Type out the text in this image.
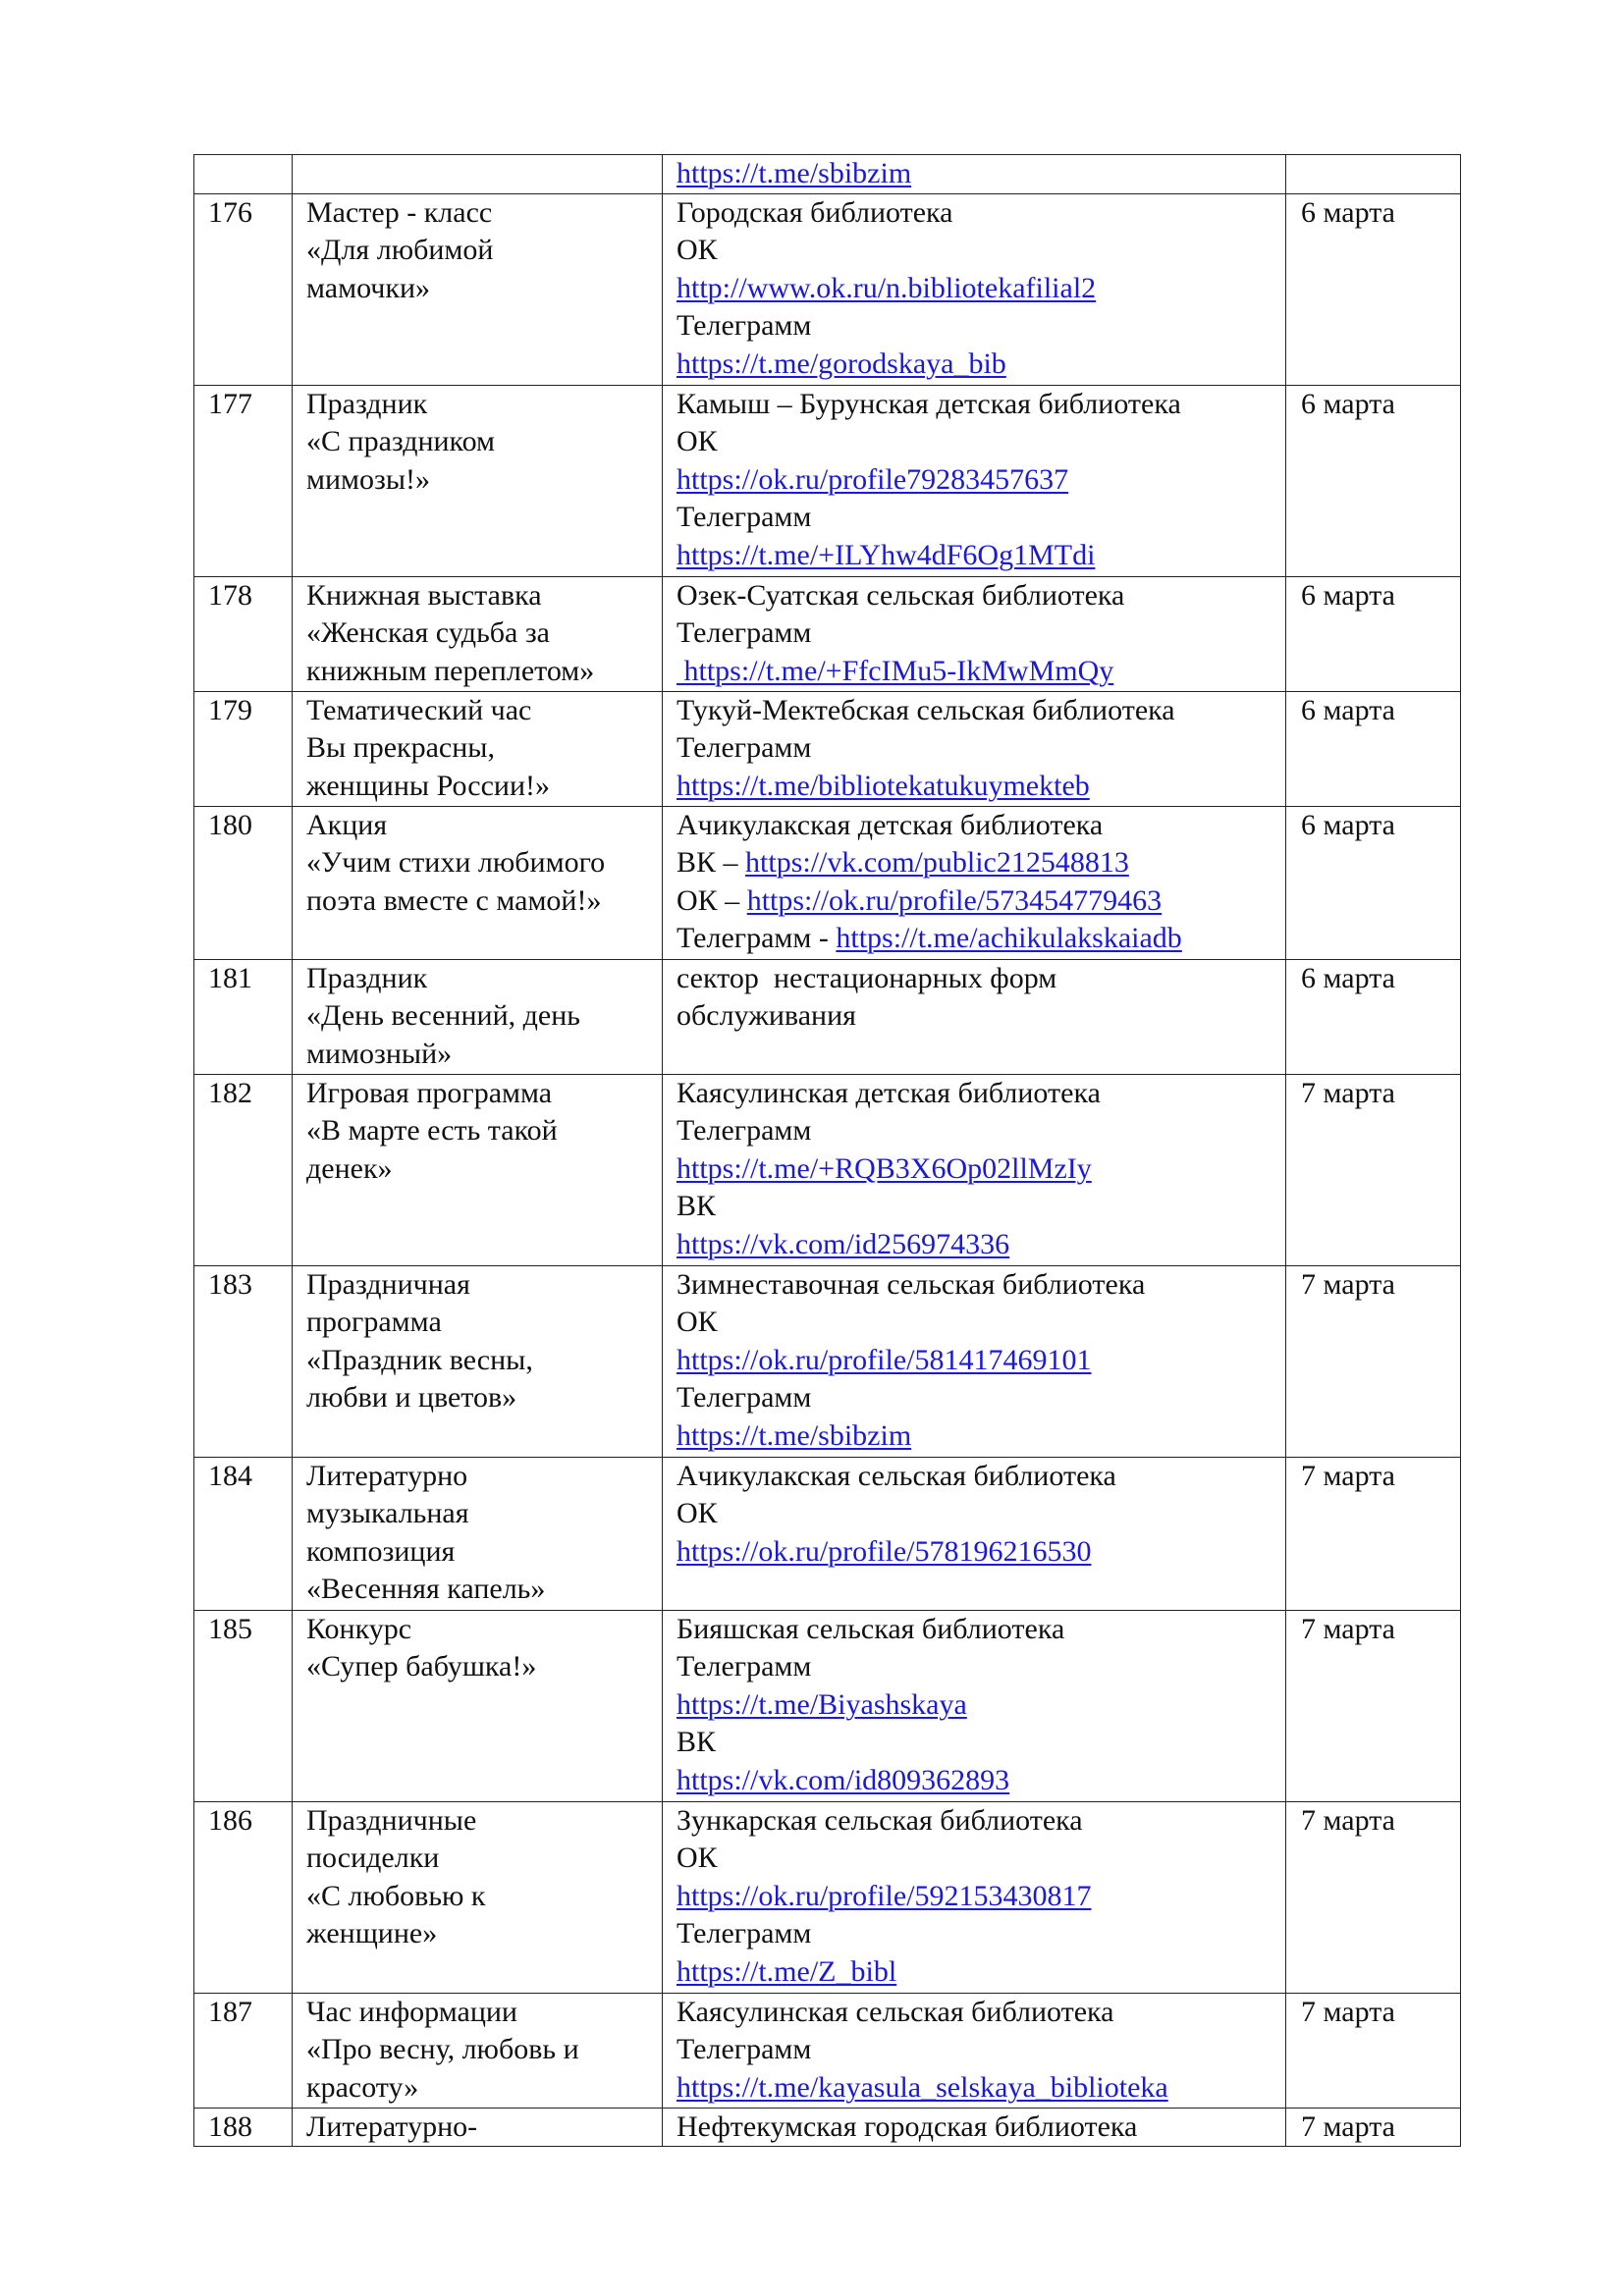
		https://t.me/sbibzim	

176	Мастер - класс
«Для любимой
мамочки»	Городская библиотека
ОК
http://www.ok.ru/n.bibliotekafilial2
Телеграмм
https://t.me/gorodskaya_bib	6 марта
177	Праздник
«С праздником
мимозы!»	Камыш – Бурунская детская библиотека
ОК
https://ok.ru/profile79283457637
Телеграмм
https://t.me/+ILYhw4dF6Og1MTdi	6 марта
178	Книжная выставка
«Женская судьба за
книжным переплетом»	Озек-Суатская сельская библиотека
Телеграмм
https://t.me/+FfcIMu5-IkMwMmQy	6 марта
179	Тематический час
Вы прекрасны,
женщины России!»	Тукуй-Мектебская сельская библиотека
Телеграмм
https://t.me/bibliotekatukuymekteb	6 марта
180	Акция
«Учим стихи любимого
поэта вместе с мамой!»	Ачикулакская детская библиотека
ВК – https://vk.com/public212548813
ОК – https://ok.ru/profile/573454779463
Телеграмм - https://t.me/achikulakskaiadb	6 марта
181	Праздник
«День весенний, день
мимозный»	сектор  нестационарных форм
обслуживания	6 марта
182	Игровая программа
«В марте есть такой
денек»	Каясулинская детская библиотека
Телеграмм
https://t.me/+RQB3X6Op02llMzIy
ВК
https://vk.com/id256974336	7 марта
183	Праздничная
программа
«Праздник весны,
любви и цветов»	Зимнеставочная сельская библиотека
ОК
https://ok.ru/profile/581417469101
Телеграмм
https://t.me/sbibzim	7 марта
184	Литературно
музыкальная
композиция
«Весенняя капель»	Ачикулакская сельская библиотека
ОК
https://ok.ru/profile/578196216530	7 марта
185	Конкурс
«Супер бабушка!»	Бияшская сельская библиотека
Телеграмм
https://t.me/Biyashskaya
ВК
https://vk.com/id809362893	7 марта
186	Праздничные
посиделки
«С любовью к
женщине»	Зункарская сельская библиотека
ОК
https://ok.ru/profile/592153430817
Телеграмм
https://t.me/Z_bibl	7 марта
187	Час информации
«Про весну, любовь и
красоту»	Каясулинская сельская библиотека
Телеграмм
https://t.me/kayasula_selskaya_biblioteka	7 марта
188	Литературно-	Нефтекумская городская библиотека	7 марта
